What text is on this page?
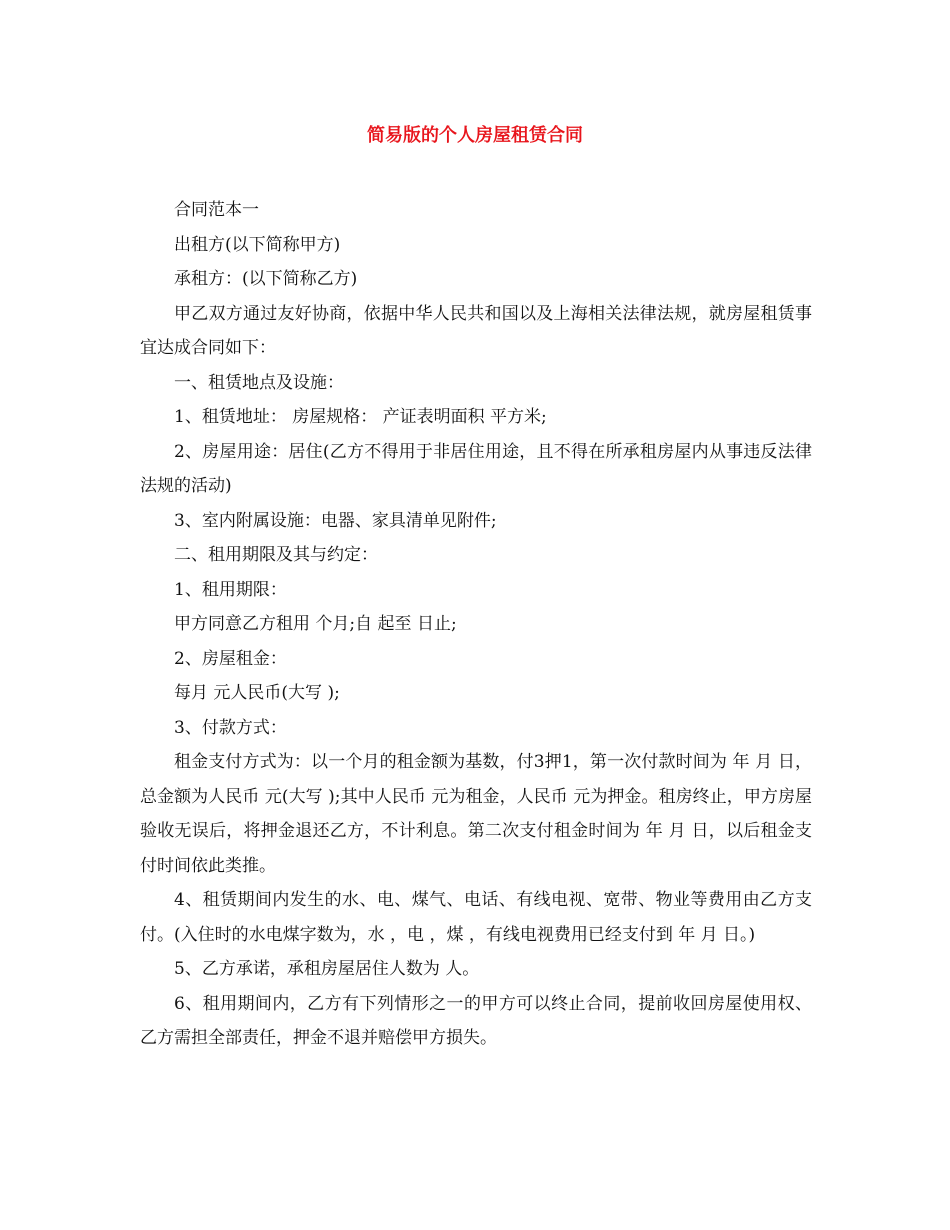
简易版的个人房屋租赁合同

合同范本一

出租方(以下简称甲方)

承租方：(以下简称乙方)

甲乙双方通过友好协商，依据中华人民共和国以及上海相关法律法规，就房屋租赁事宜达成合同如下：

一、租赁地点及设施：

1、租赁地址： 房屋规格： 产证表明面积 平方米;

2、房屋用途：居住(乙方不得用于非居住用途，且不得在所承租房屋内从事违反法律法规的活动)

3、室内附属设施：电器、家具清单见附件;

二、租用期限及其与约定：

1、租用期限：

甲方同意乙方租用 个月;自 起至 日止;

2、房屋租金：

每月 元人民币(大写 );

3、付款方式：

租金支付方式为：以一个月的租金额为基数，付3押1，第一次付款时间为 年 月 日，总金额为人民币 元(大写 );其中人民币 元为租金，人民币 元为押金。租房终止，甲方房屋验收无误后，将押金退还乙方，不计利息。第二次支付租金时间为 年 月 日，以后租金支付时间依此类推。

4、租赁期间内发生的水、电、煤气、电话、有线电视、宽带、物业等费用由乙方支付。(入住时的水电煤字数为，水 ，电 ，煤 ，有线电视费用已经支付到 年 月 日。)

5、乙方承诺，承租房屋居住人数为 人。

6、租用期间内，乙方有下列情形之一的甲方可以终止合同，提前收回房屋使用权、乙方需担全部责任，押金不退并赔偿甲方损失。
